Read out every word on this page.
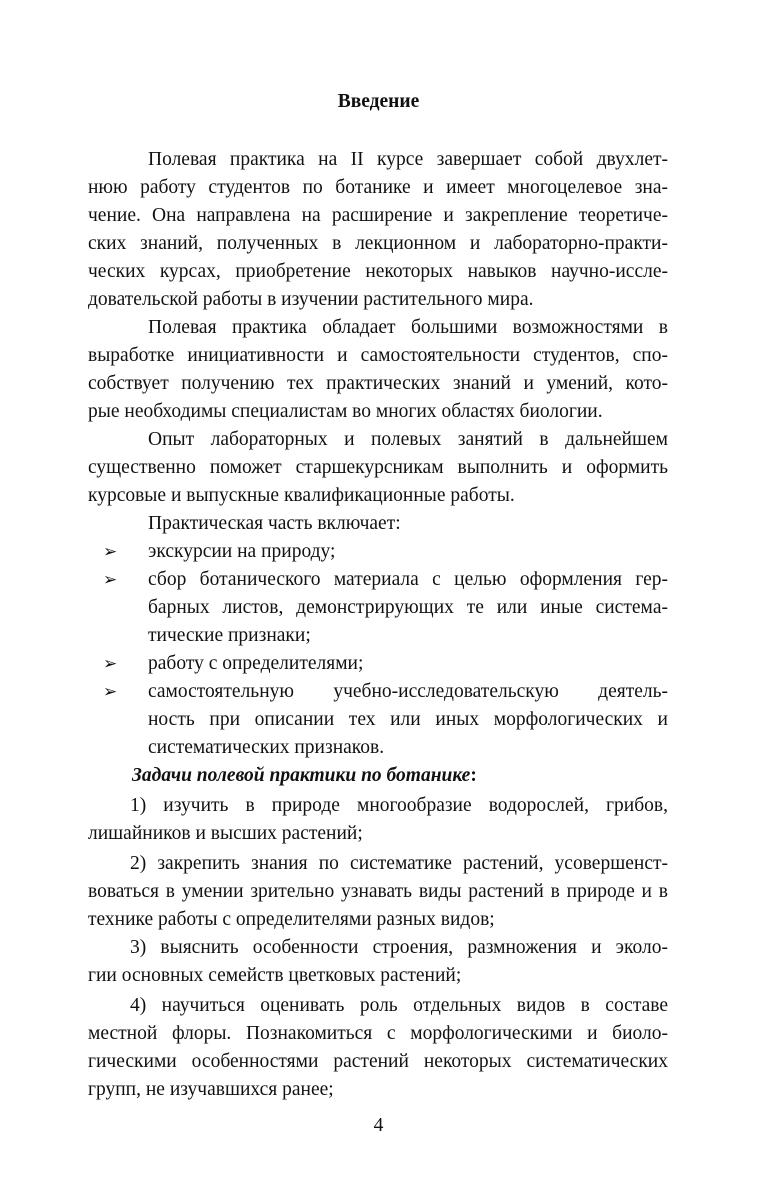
Введение
Полевая практика на II курсе завершает собой двухлет-
нюю работу студентов по ботанике и имеет многоцелевое зна-
чение. Она направлена на расширение и закрепление теоретиче-
ских знаний, полученных в лекционном и лабораторно-практи-
ческих курсах, приобретение некоторых навыков научно-иссле-
довательской работы в изучении растительного мира.
Полевая практика обладает большими возможностями в
выработке инициативности и самостоятельности студентов, спо-
собствует получению тех практических знаний и умений, кото-
рые необходимы специалистам во многих областях биологии.
Опыт лабораторных и полевых занятий в дальнейшем
существенно поможет старшекурсникам выполнить и оформить
курсовые и выпускные квалификационные работы.
Практическая часть включает:
➢ экскурсии на природу;
➢ сбор ботанического материала с целью оформления гер-
барных листов, демонстрирующих те или иные системa-
тические признаки;
➢ работу с определителями;
➢ самостоятельную учебно-исследовательскую деятель-
ность при описании тех или иных морфологических и
систематических признаков.
Задачи полевой практики по ботанике:
1) изучить в природе многообразие водорослей, грибов,
лишайников и высших растений;
2) закрепить знания по систематике растений, усовершенст-
воваться в умении зрительно узнавать виды растений в природе и в
технике работы с определителями разных видов;
3) выяснить особенности строения, размножения и эколо-
гии основных семейств цветковых растений;
4) научиться оценивать роль отдельных видов в составе
местной флоры. Познакомиться с морфологическими и биоло-
гическими особенностями растений некоторых систематических
групп, не изучавшихся ранее;
4
